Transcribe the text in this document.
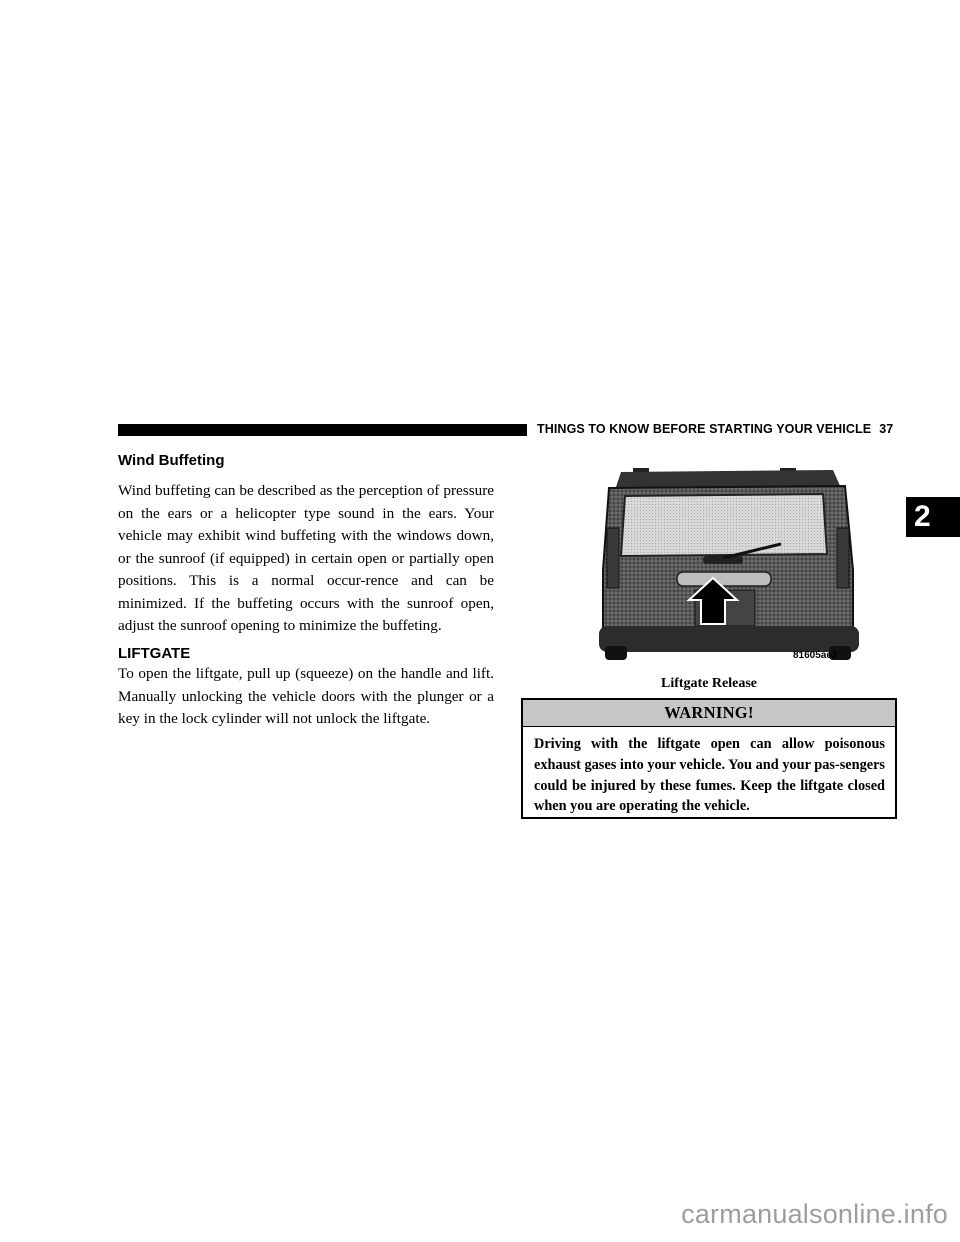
THINGS TO KNOW BEFORE STARTING YOUR VEHICLE 37
2
Wind Buffeting

Wind buffeting can be described as the perception of pressure on the ears or a helicopter type sound in the ears. Your vehicle may exhibit wind buffeting with the windows down, or the sunroof (if equipped) in certain open or partially open positions. This is a normal occur-rence and can be minimized. If the buffeting occurs with the sunroof open, adjust the sunroof opening to minimize the buffeting.

LIFTGATE

To open the liftgate, pull up (squeeze) on the handle and lift. Manually unlocking the vehicle doors with the plunger or a key in the lock cylinder will not unlock the liftgate.

81605ae2
Liftgate Release
WARNING!

Driving with the liftgate open can allow poisonous exhaust gases into your vehicle. You and your pas-sengers could be injured by these fumes. Keep the liftgate closed when you are operating the vehicle.

carmanualsonline.info
